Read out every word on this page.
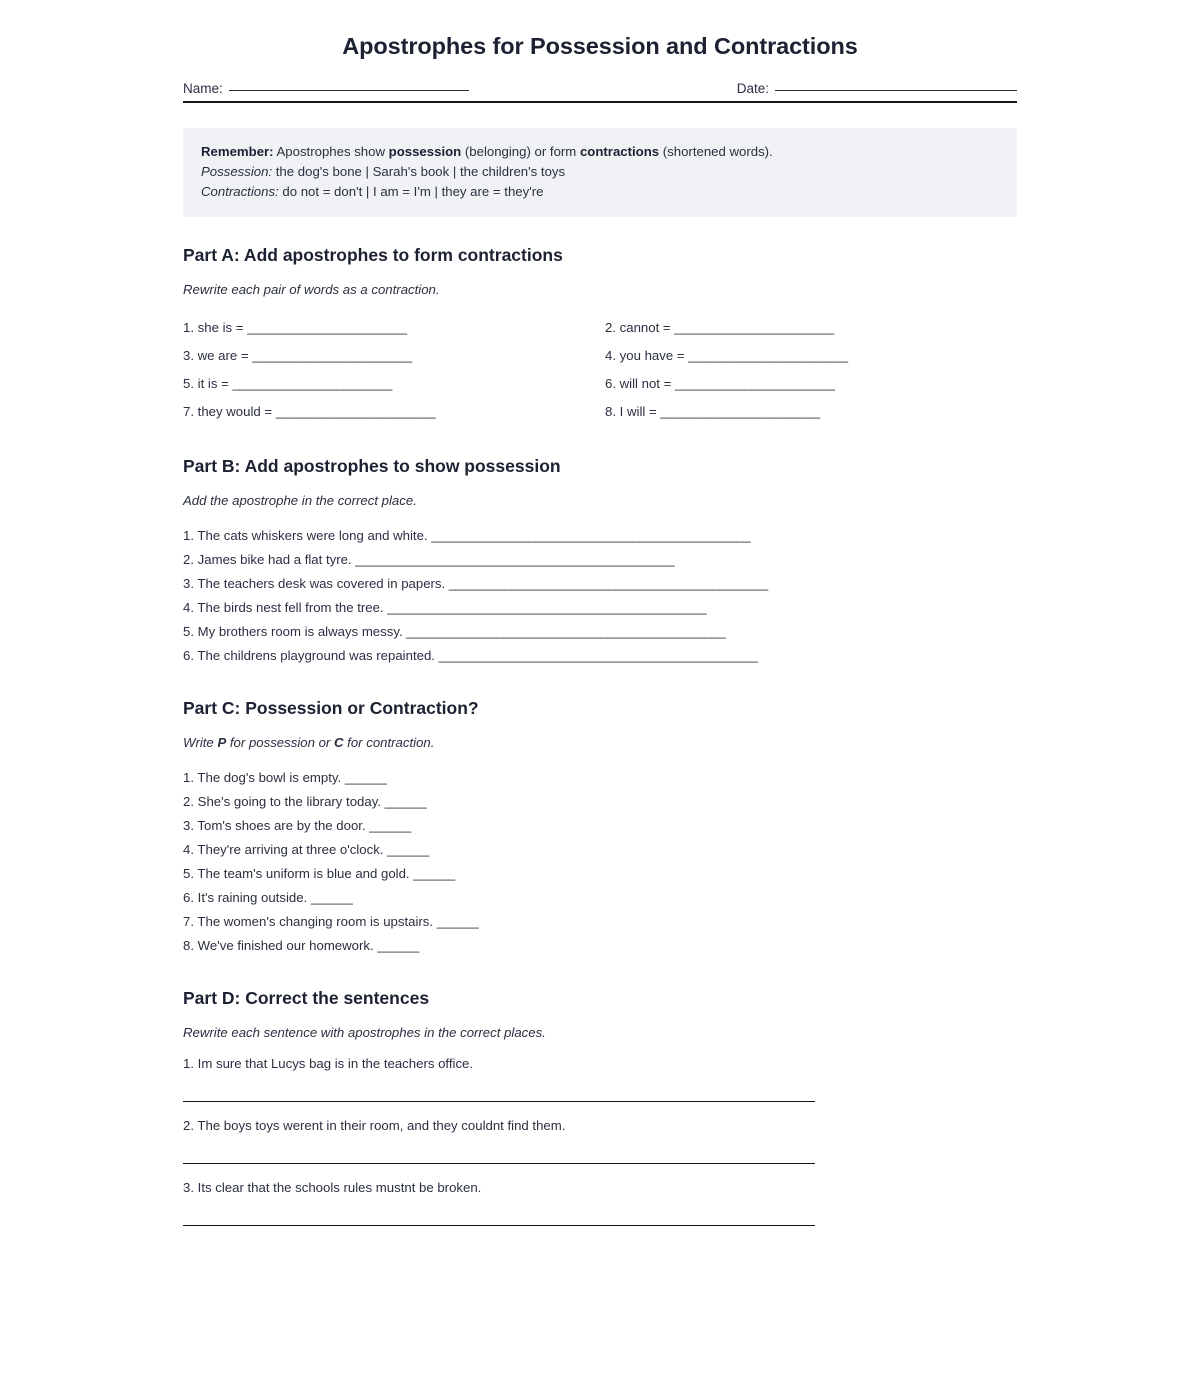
Apostrophes for Possession and Contractions
Name:	Date:
Remember: Apostrophes show possession (belonging) or form contractions (shortened words).
Possession: the dog's bone | Sarah's book | the children's toys
Contractions: do not = don't | I am = I'm | they are = they're
Part A: Add apostrophes to form contractions
Rewrite each pair of words as a contraction.
1. she is = _______________________	2. cannot = _______________________
3. we are = _______________________	4. you have = _______________________
5. it is = _______________________	6. will not = _______________________
7. they would = _______________________	8. I will = _______________________
Part B: Add apostrophes to show possession
Add the apostrophe in the correct place.
1. The cats whiskers were long and white. ______________________________________________
2. James bike had a flat tyre. ______________________________________________
3. The teachers desk was covered in papers. ______________________________________________
4. The birds nest fell from the tree. ______________________________________________
5. My brothers room is always messy. ______________________________________________
6. The childrens playground was repainted. ______________________________________________
Part C: Possession or Contraction?
Write P for possession or C for contraction.
1. The dog's bowl is empty. ______
2. She's going to the library today. ______
3. Tom's shoes are by the door. ______
4. They're arriving at three o'clock. ______
5. The team's uniform is blue and gold. ______
6. It's raining outside. ______
7. The women's changing room is upstairs. ______
8. We've finished our homework. ______
Part D: Correct the sentences
Rewrite each sentence with apostrophes in the correct places.
1. Im sure that Lucys bag is in the teachers office.
2. The boys toys werent in their room, and they couldnt find them.
3. Its clear that the schools rules mustnt be broken.
